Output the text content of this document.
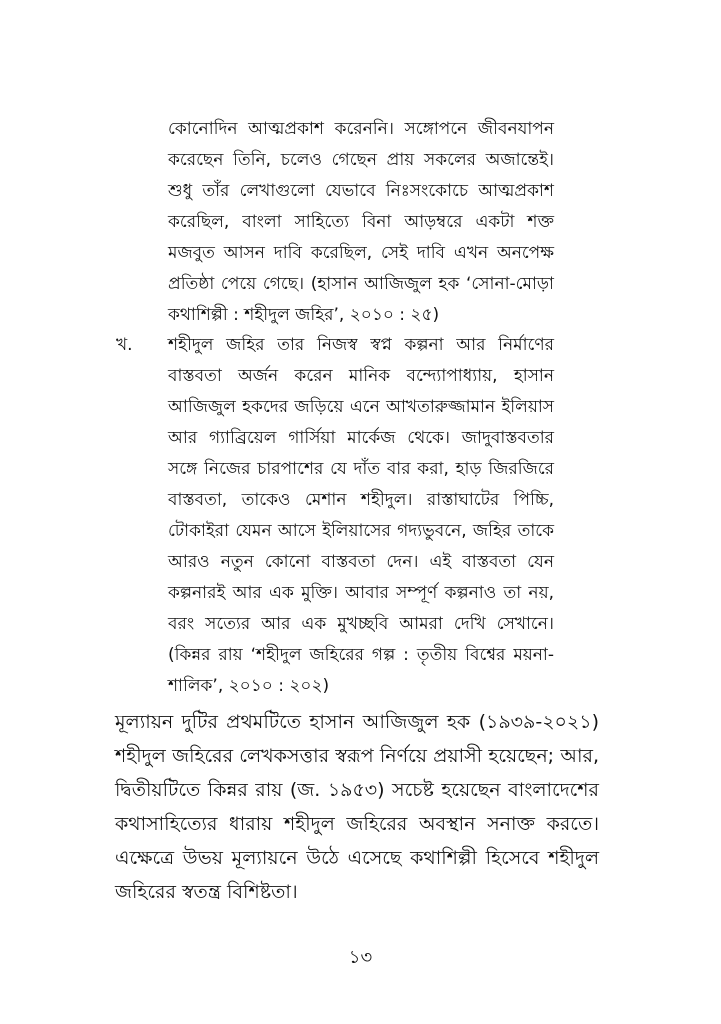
কোনোদিন আত্মপ্রকাশ করেননি। সঙ্গোপনে জীবনযাপন করেছেন তিনি, চলেও গেছেন প্রায় সকলের অজান্তেই। শুধু তাঁর লেখাগুলো যেভাবে নিঃসংকোচে আত্মপ্রকাশ করেছিল, বাংলা সাহিত্যে বিনা আড়ম্বরে একটা শক্ত মজবুত আসন দাবি করেছিল, সেই দাবি এখন অনপেক্ষ প্রতিষ্ঠা পেয়ে গেছে। (হাসান আজিজুল হক ‘সোনা-মোড়া কথাশিল্পী : শহীদুল জহির’, ২০১০ : ২৫)
খ.	শহীদুল জহির তার নিজস্ব স্বপ্ন কল্পনা আর নির্মাণের বাস্তবতা অর্জন করেন মানিক বন্দ্যোপাধ্যায়, হাসান আজিজুল হকদের জড়িয়ে এনে আখতারুজ্জামান ইলিয়াস আর গ্যাব্রিয়েল গার্সিয়া মার্কেজ থেকে। জাদুবাস্তবতার সঙ্গে নিজের চারপাশের যে দাঁত বার করা, হাড় জিরজিরে বাস্তবতা, তাকেও মেশান শহীদুল। রাস্তাঘাটের পিচ্চি, টোকাইরা যেমন আসে ইলিয়াসের গদ্যভুবনে, জহির তাকে আরও নতুন কোনো বাস্তবতা দেন। এই বাস্তবতা যেন কল্পনারই আর এক মুক্তি। আবার সম্পূর্ণ কল্পনাও তা নয়, বরং সত্যের আর এক মুখচ্ছবি আমরা দেখি সেখানে। (কিন্নর রায় ‘শহীদুল জহিরের গল্প : তৃতীয় বিশ্বের ময়না-শালিক’, ২০১০ : ২০২)
মূল্যায়ন দুটির প্রথমটিতে হাসান আজিজুল হক (১৯৩৯-২০২১) শহীদুল জহিরের লেখকসত্তার স্বরূপ নির্ণয়ে প্রয়াসী হয়েছেন; আর, দ্বিতীয়টিতে কিন্নর রায় (জ. ১৯৫৩) সচেষ্ট হয়েছেন বাংলাদেশের কথাসাহিত্যের ধারায় শহীদুল জহিরের অবস্থান সনাক্ত করতে। এক্ষেত্রে উভয় মূল্যায়নে উঠে এসেছে কথাশিল্পী হিসেবে শহীদুল জহিরের স্বতন্ত্র বিশিষ্টতা।
১৩
